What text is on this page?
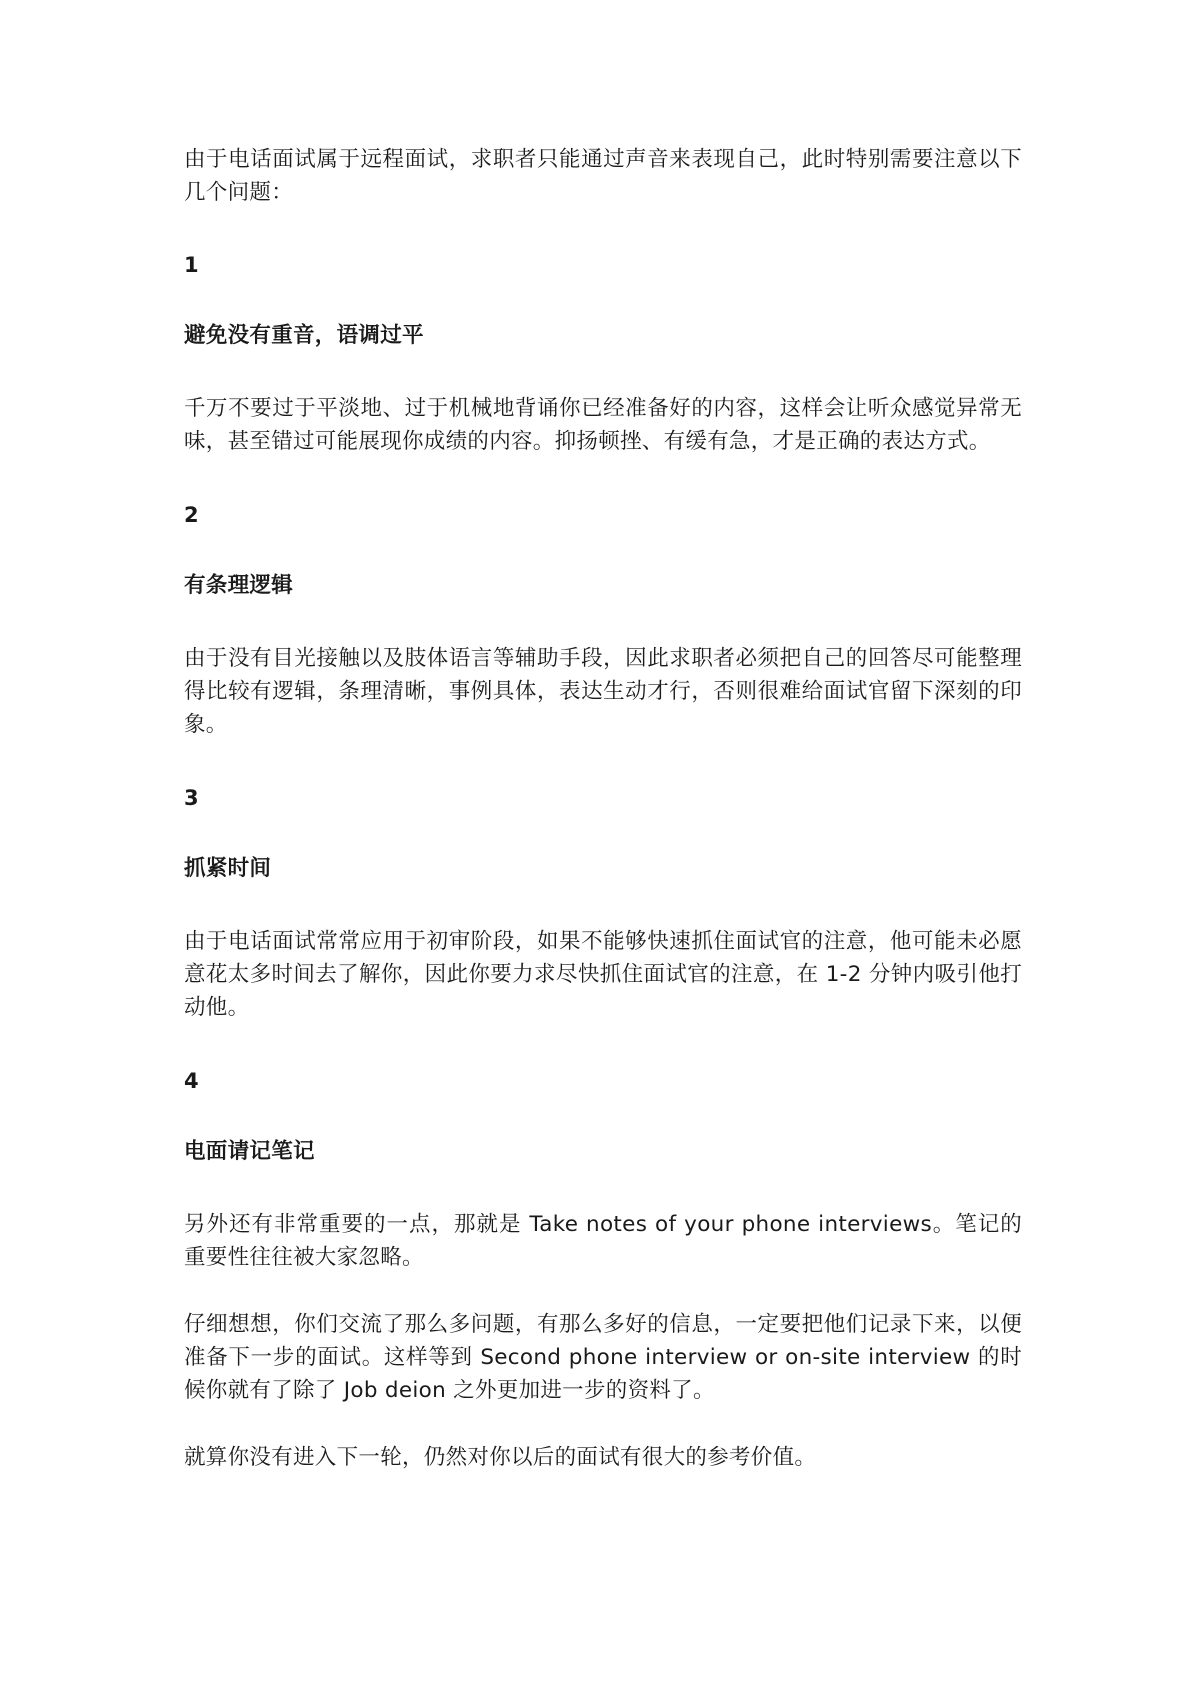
由于电话面试属于远程面试，求职者只能通过声音来表现自己，此时特别需要注意以下几个问题：

1

避免没有重音，语调过平

千万不要过于平淡地、过于机械地背诵你已经准备好的内容，这样会让听众感觉异常无味，甚至错过可能展现你成绩的内容。抑扬顿挫、有缓有急，才是正确的表达方式。

2

有条理逻辑

由于没有目光接触以及肢体语言等辅助手段，因此求职者必须把自己的回答尽可能整理得比较有逻辑，条理清晰，事例具体，表达生动才行，否则很难给面试官留下深刻的印象。

3

抓紧时间

由于电话面试常常应用于初审阶段，如果不能够快速抓住面试官的注意，他可能未必愿意花太多时间去了解你，因此你要力求尽快抓住面试官的注意，在 1-2 分钟内吸引他打动他。

4

电面请记笔记

另外还有非常重要的一点，那就是 Take notes of your phone interviews。笔记的重要性往往被大家忽略。

仔细想想，你们交流了那么多问题，有那么多好的信息，一定要把他们记录下来，以便准备下一步的面试。这样等到 Second phone interview or on-site interview 的时候你就有了除了 Job deion 之外更加进一步的资料了。

就算你没有进入下一轮，仍然对你以后的面试有很大的参考价值。
